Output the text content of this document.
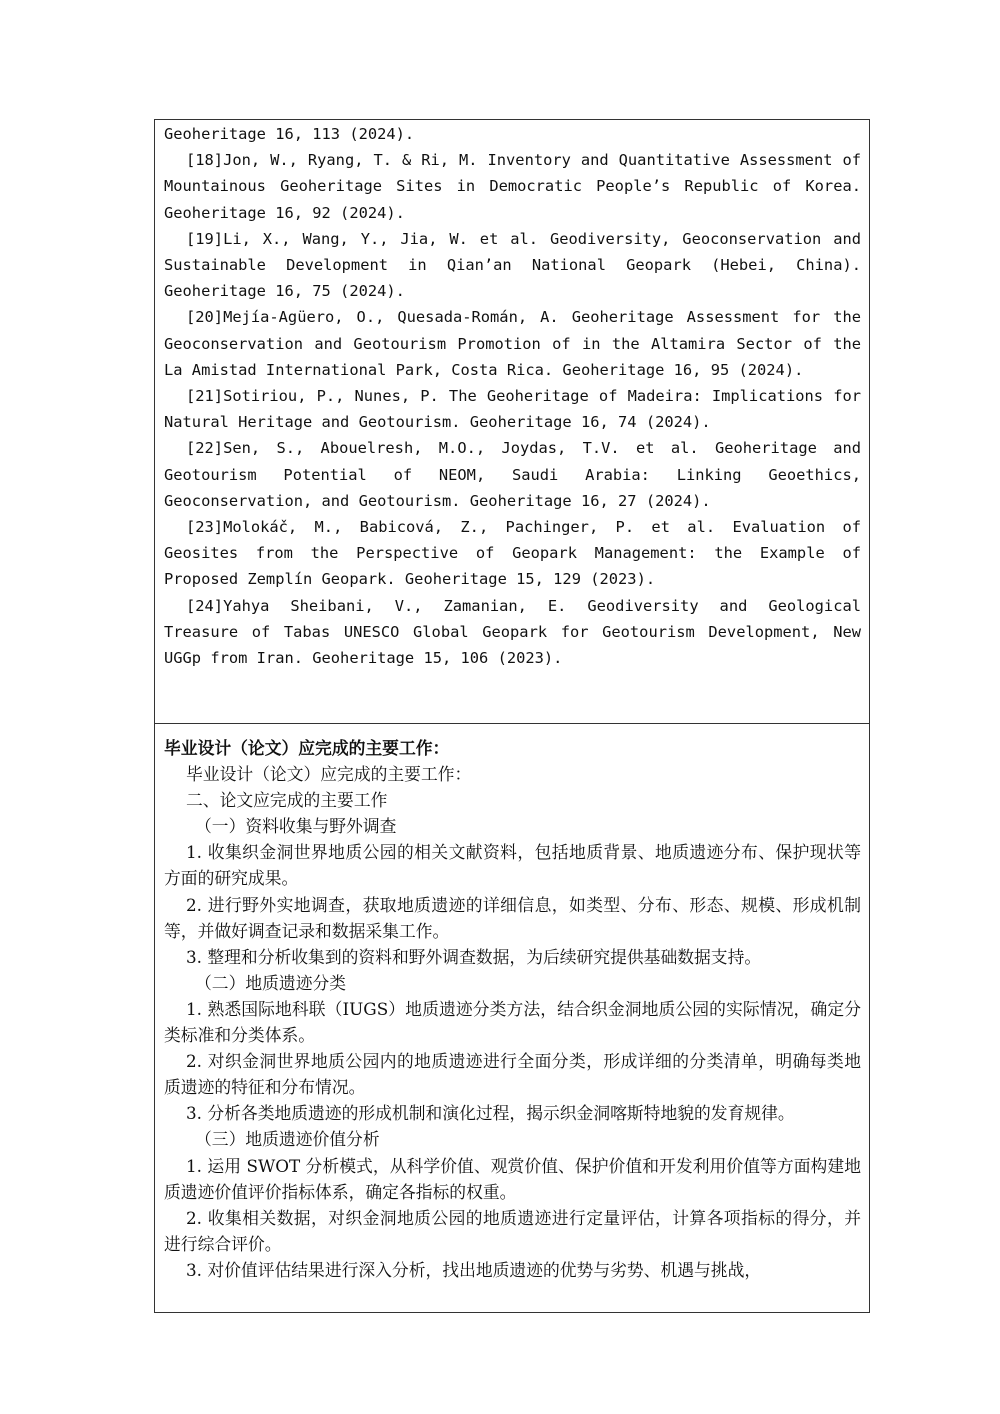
Geoheritage 16, 113 (2024).

[18]Jon, W., Ryang, T. & Ri, M. Inventory and Quantitative Assessment of Mountainous Geoheritage Sites in Democratic People’s Republic of Korea. Geoheritage 16, 92 (2024).

[19]Li, X., Wang, Y., Jia, W. et al. Geodiversity, Geoconservation and Sustainable Development in Qian’an National Geopark (Hebei, China). Geoheritage 16, 75 (2024).

[20]Mejía-Agüero, O., Quesada-Román, A. Geoheritage Assessment for the Geoconservation and Geotourism Promotion of in the Altamira Sector of the La Amistad International Park, Costa Rica. Geoheritage 16, 95 (2024).

[21]Sotiriou, P., Nunes, P. The Geoheritage of Madeira: Implications for Natural Heritage and Geotourism. Geoheritage 16, 74 (2024).

[22]Sen, S., Abouelresh, M.O., Joydas, T.V. et al. Geoheritage and Geotourism Potential of NEOM, Saudi Arabia: Linking Geoethics, Geoconservation, and Geotourism. Geoheritage 16, 27 (2024).

[23]Molokáč, M., Babicová, Z., Pachinger, P. et al. Evaluation of Geosites from the Perspective of Geopark Management: the Example of Proposed Zemplín Geopark. Geoheritage 15, 129 (2023).

[24]Yahya Sheibani, V., Zamanian, E. Geodiversity and Geological Treasure of Tabas UNESCO Global Geopark for Geotourism Development, New UGGp from Iran. Geoheritage 15, 106 (2023).

毕业设计（论文）应完成的主要工作：

毕业设计（论文）应完成的主要工作：

二、论文应完成的主要工作

（一）资料收集与野外调查

1. 收集织金洞世界地质公园的相关文献资料，包括地质背景、地质遗迹分布、保护现状等方面的研究成果。

2. 进行野外实地调查，获取地质遗迹的详细信息，如类型、分布、形态、规模、形成机制等，并做好调查记录和数据采集工作。

3. 整理和分析收集到的资料和野外调查数据，为后续研究提供基础数据支持。

（二）地质遗迹分类

1. 熟悉国际地科联（IUGS）地质遗迹分类方法，结合织金洞地质公园的实际情况，确定分类标准和分类体系。

2. 对织金洞世界地质公园内的地质遗迹进行全面分类，形成详细的分类清单，明确每类地质遗迹的特征和分布情况。

3. 分析各类地质遗迹的形成机制和演化过程，揭示织金洞喀斯特地貌的发育规律。

（三）地质遗迹价值分析

1. 运用 SWOT 分析模式，从科学价值、观赏价值、保护价值和开发利用价值等方面构建地质遗迹价值评价指标体系，确定各指标的权重。

2. 收集相关数据，对织金洞地质公园的地质遗迹进行定量评估，计算各项指标的得分，并进行综合评价。

3. 对价值评估结果进行深入分析，找出地质遗迹的优势与劣势、机遇与挑战，
